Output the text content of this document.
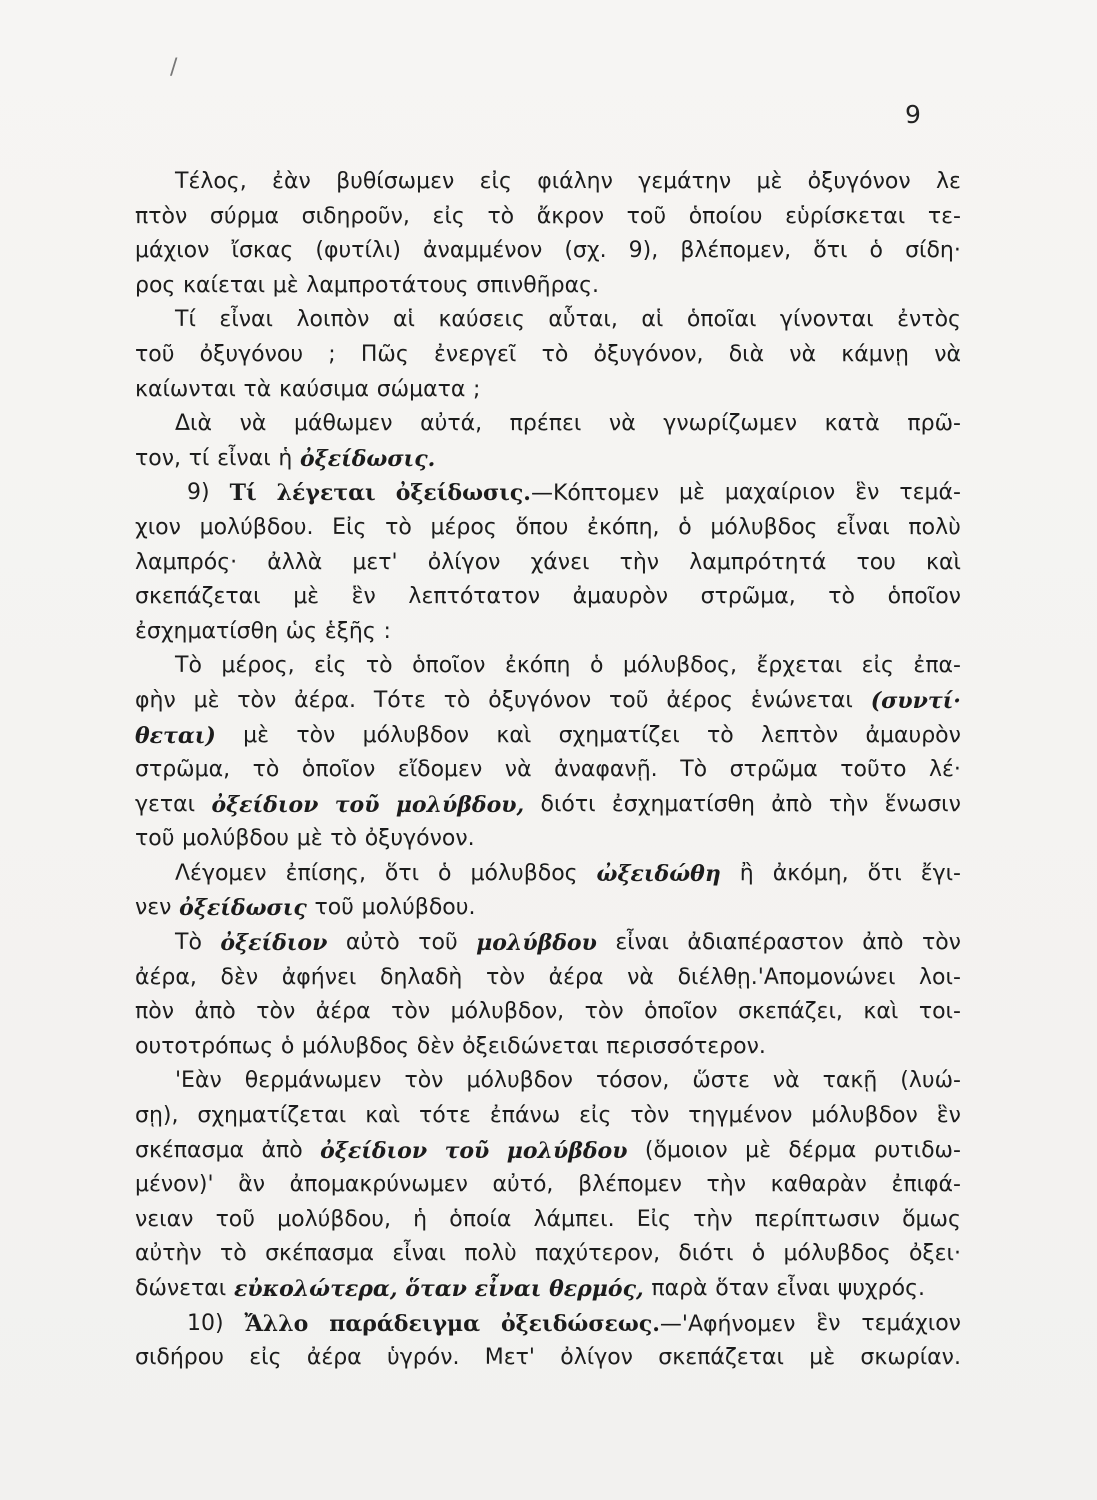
/
9
Τέλος, ἐὰν βυθίσωμεν εἰς φιάλην γεμάτην μὲ ὀξυγόνον λε
πτὸν σύρμα σιδηροῦν, εἰς τὸ ἄκρον τοῦ ὁποίου εὑρίσκεται τε-
μάχιον ἴσκας (φυτίλι) ἀναμμένον (σχ. 9), βλέπομεν, ὅτι ὁ σίδη·
ρος καίεται μὲ λαμπροτάτους σπινθῆρας.
Τί εἶναι λοιπὸν αἱ καύσεις αὗται, αἱ ὁποῖαι γίνονται ἐντὸς
τοῦ ὀξυγόνου ; Πῶς ἐνεργεῖ τὸ ὀξυγόνον, διὰ νὰ κάμνῃ νὰ
καίωνται τὰ καύσιμα σώματα ;
Διὰ νὰ μάθωμεν αὐτά, πρέπει νὰ γνωρίζωμεν κατὰ πρῶ-
τον, τί εἶναι ἡ ὀξείδωσις.
9) Τί λέγεται ὀξείδωσις.—Κόπτομεν μὲ μαχαίριον ἓν τεμά-
χιον μολύβδου. Εἰς τὸ μέρος ὅπου ἐκόπη, ὁ μόλυβδος εἶναι πολὺ
λαμπρός· ἀλλὰ μετ' ὀλίγον χάνει τὴν λαμπρότητά του καὶ
σκεπάζεται μὲ ἓν λεπτότατον ἀμαυρὸν στρῶμα, τὸ ὁποῖον
ἐσχηματίσθη ὡς ἑξῆς :
Τὸ μέρος, εἰς τὸ ὁποῖον ἐκόπη ὁ μόλυβδος, ἔρχεται εἰς ἐπα-
φὴν μὲ τὸν ἀέρα. Τότε τὸ ὀξυγόνον τοῦ ἀέρος ἑνώνεται (συντί·
θεται) μὲ τὸν μόλυβδον καὶ σχηματίζει τὸ λεπτὸν ἀμαυρὸν
στρῶμα, τὸ ὁποῖον εἴδομεν νὰ ἀναφανῇ. Τὸ στρῶμα τοῦτο λέ·
γεται ὀξείδιον τοῦ μολύβδου, διότι ἐσχηματίσθη ἀπὸ τὴν ἕνωσιν
τοῦ μολύβδου μὲ τὸ ὀξυγόνον.
Λέγομεν ἐπίσης, ὅτι ὁ μόλυβδος ὠξειδώθη ἢ ἀκόμη, ὅτι ἔγι-
νεν ὀξείδωσις τοῦ μολύβδου.
Τὸ ὀξείδιον αὐτὸ τοῦ μολύβδου εἶναι ἀδιαπέραστον ἀπὸ τὸν
ἀέρα, δὲν ἀφήνει δηλαδὴ τὸν ἀέρα νὰ διέλθῃ.'Απομονώνει λοι-
πὸν ἀπὸ τὸν ἀέρα τὸν μόλυβδον, τὸν ὁποῖον σκεπάζει, καὶ τοι-
ουτοτρόπως ὁ μόλυβδος δὲν ὀξειδώνεται περισσότερον.
'Εὰν θερμάνωμεν τὸν μόλυβδον τόσον, ὥστε νὰ τακῇ (λυώ-
σῃ), σχηματίζεται καὶ τότε ἐπάνω εἰς τὸν τηγμένον μόλυβδον ἓν
σκέπασμα ἀπὸ ὀξείδιον τοῦ μολύβδου (ὅμοιον μὲ δέρμα ρυτιδω-
μένον)' ἂν ἀπομακρύνωμεν αὐτό, βλέπομεν τὴν καθαρὰν ἐπιφά-
νειαν τοῦ μολύβδου, ἡ ὁποία λάμπει. Εἰς τὴν περίπτωσιν ὅμως
αὐτὴν τὸ σκέπασμα εἶναι πολὺ παχύτερον, διότι ὁ μόλυβδος ὀξει·
δώνεται εὐκολώτερα, ὅταν εἶναι θερμός, παρὰ ὅταν εἶναι ψυχρός.
10) Ἄλλο παράδειγμα ὀξειδώσεως.—'Αφήνομεν ἓν τεμάχιον
σιδήρου εἰς ἀέρα ὑγρόν. Μετ' ὀλίγον σκεπάζεται μὲ σκωρίαν.
